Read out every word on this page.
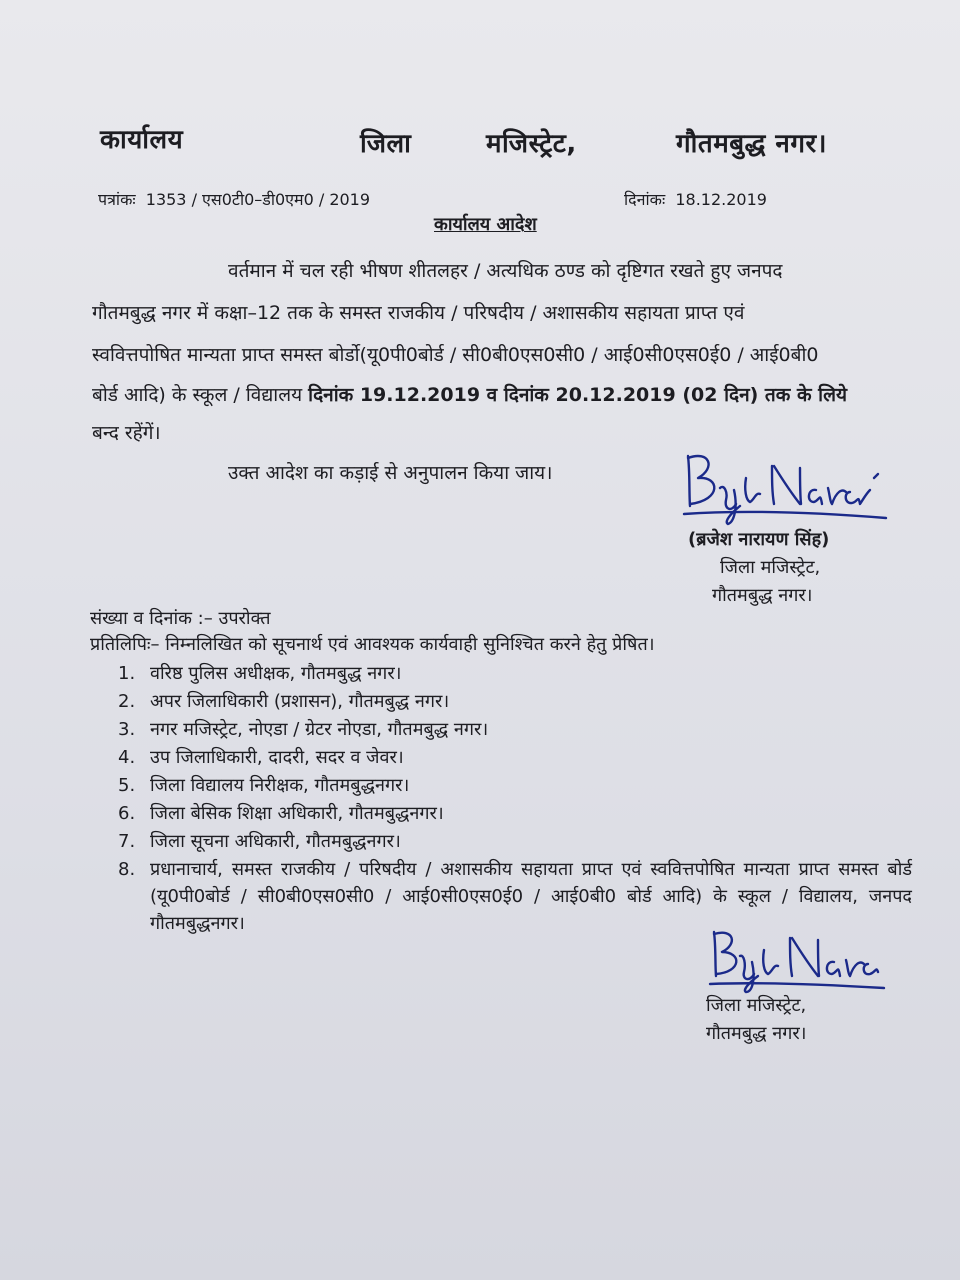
कार्यालय	जिला	मजिस्ट्रेट,	गौतमबुद्ध नगर।
पत्रांकः 1353 / एस0टी0–डी0एम0 / 2019	दिनांकः 18.12.2019
कार्यालय आदेश
वर्तमान में चल रही भीषण शीतलहर / अत्यधिक ठण्ड को दृष्टिगत रखते हुए जनपद
गौतमबुद्ध नगर में कक्षा–12 तक के समस्त राजकीय / परिषदीय / अशासकीय सहायता प्राप्त एवं
स्ववित्तपोषित मान्यता प्राप्त समस्त बोर्डो(यू0पी0बोर्ड / सी0बी0एस0सी0 / आई0सी0एस0ई0 / आई0बी0
बोर्ड आदि) के स्कूल / विद्यालय दिनांक 19.12.2019 व दिनांक 20.12.2019 (02 दिन) तक के लिये
बन्द रहेंगें।
उक्त आदेश का कड़ाई से अनुपालन किया जाय।
(ब्रजेश नारायण सिंह)
जिला मजिस्ट्रेट,
गौतमबुद्ध नगर।
संख्या व दिनांक :– उपरोक्त
प्रतिलिपिः– निम्नलिखित को सूचनार्थ एवं आवश्यक कार्यवाही सुनिश्चित करने हेतु प्रेषित।
1. वरिष्ठ पुलिस अधीक्षक, गौतमबुद्ध नगर।
2. अपर जिलाधिकारी (प्रशासन), गौतमबुद्ध नगर।
3. नगर मजिस्ट्रेट, नोएडा / ग्रेटर नोएडा, गौतमबुद्ध नगर।
4. उप जिलाधिकारी, दादरी, सदर व जेवर।
5. जिला विद्यालय निरीक्षक, गौतमबुद्धनगर।
6. जिला बेसिक शिक्षा अधिकारी, गौतमबुद्धनगर।
7. जिला सूचना अधिकारी, गौतमबुद्धनगर।
8. प्रधानाचार्य, समस्त राजकीय / परिषदीय / अशासकीय सहायता प्राप्त एवं स्ववित्तपोषित मान्यता प्राप्त समस्त बोर्ड (यू0पी0बोर्ड / सी0बी0एस0सी0 / आई0सी0एस0ई0 / आई0बी0 बोर्ड आदि) के स्कूल / विद्यालय, जनपद गौतमबुद्धनगर।
जिला मजिस्ट्रेट,
गौतमबुद्ध नगर।
